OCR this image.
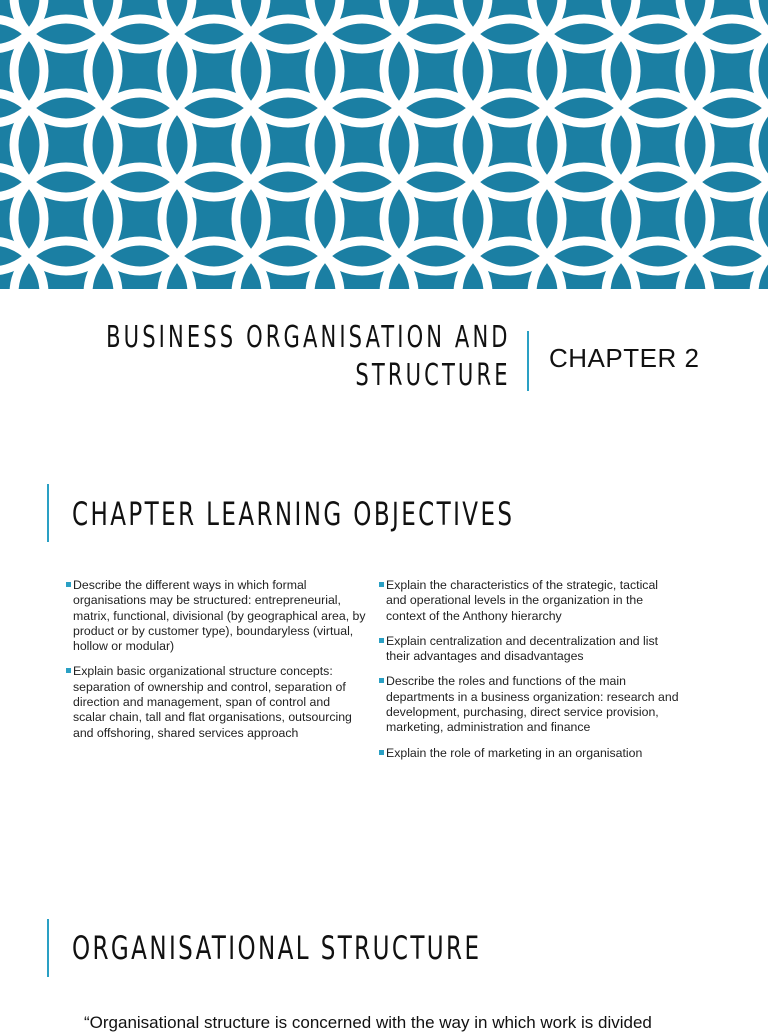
BUSINESS ORGANISATION AND
STRUCTURE CHAPTER 2
CHAPTER LEARNING OBJECTIVES
Describe the different ways in which formal organisations may be structured: entrepreneurial, matrix, functional, divisional (by geographical area, by product or by customer type), boundaryless (virtual, hollow or modular)
Explain basic organizational structure concepts: separation of ownership and control, separation of direction and management, span of control and scalar chain, tall and flat organisations, outsourcing and offshoring, shared services approach
Explain the characteristics of the strategic, tactical and operational levels in the organization in the context of the Anthony hierarchy
Explain centralization and decentralization and list their advantages and disadvantages
Describe the roles and functions of the main departments in a business organization: research and development, purchasing, direct service provision, marketing, administration and finance
Explain the role of marketing in an organisation
ORGANISATIONAL STRUCTURE
“Organisational structure is concerned with the way in which work is divided
